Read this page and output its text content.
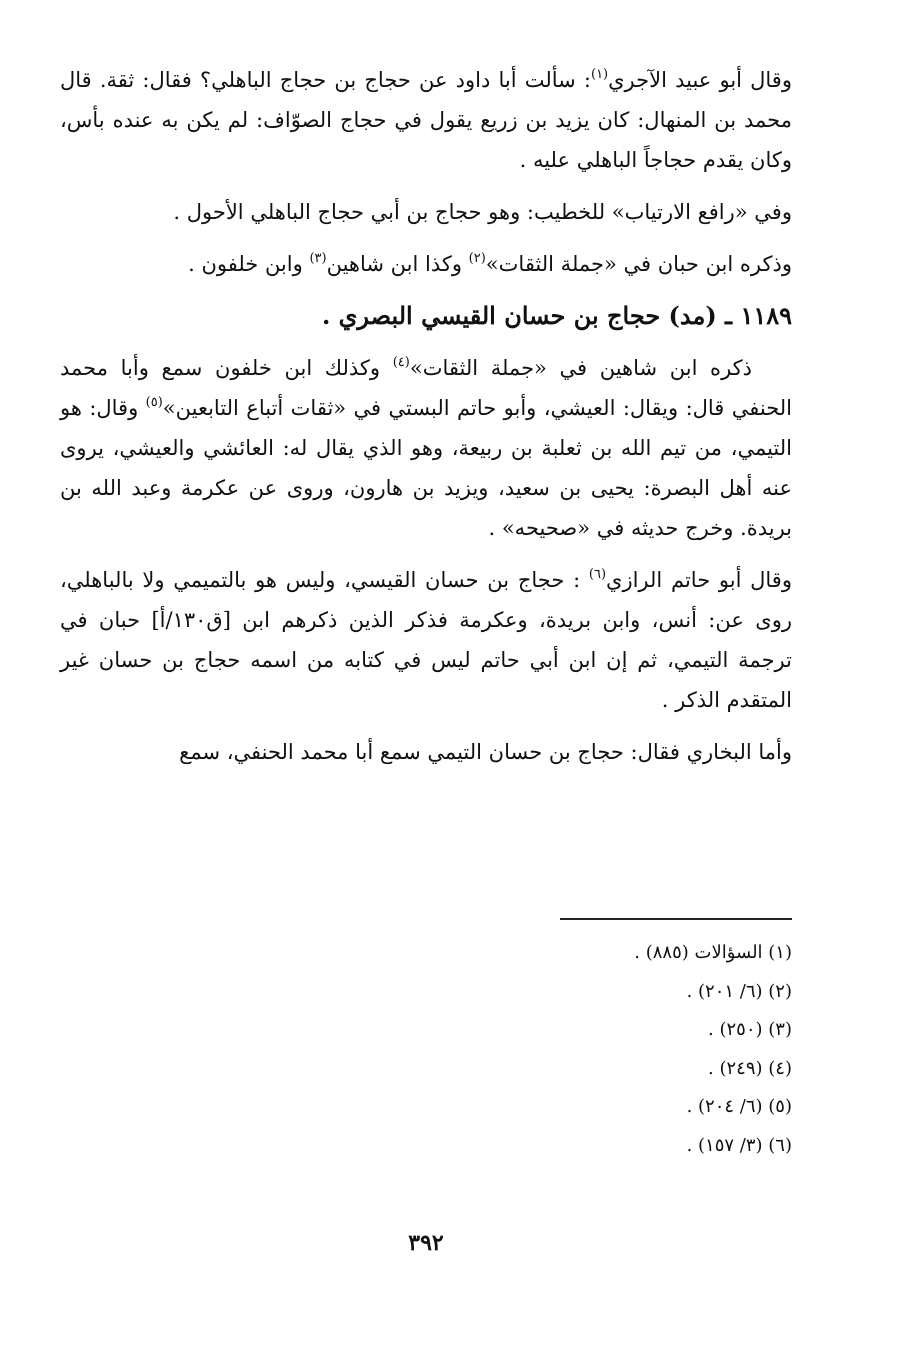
وقال أبو عبيد الآجري$^{(١)}$: سألت أبا داود عن حجاج بن حجاج الباهلي؟ فقال: ثقة. قال محمد بن المنهال: كان يزيد بن زريع يقول في حجاج الصوّاف: لم يكن به عنده بأس، وكان يقدم حجاجاً الباهلي عليه .

وفي «رافع الارتياب» للخطيب: وهو حجاج بن أبي حجاج الباهلي الأحول .

وذكره ابن حبان في «جملة الثقات»$^{(٢)}$ وكذا ابن شاهين$^{(٣)}$ وابن خلفون .

١١٨٩ ـ (مد) حجاج بن حسان القيسي البصري .

ذكره ابن شاهين في «جملة الثقات»$^{(٤)}$ وكذلك ابن خلفون سمع وأبا محمد الحنفي قال: ويقال: العيشي، وأبو حاتم البستي في «ثقات أتباع التابعين»$^{(٥)}$ وقال: هو التيمي، من تيم الله بن ثعلبة بن ربيعة، وهو الذي يقال له: العائشي والعيشي، يروى عنه أهل البصرة: يحيى بن سعيد، ويزيد بن هارون، وروى عن عكرمة وعبد الله بن بريدة. وخرج حديثه في «صحيحه» .

وقال أبو حاتم الرازي$^{(٦)}$ : حجاج بن حسان القيسي، وليس هو بالتميمي ولا بالباهلي، روى عن: أنس، وابن بريدة، وعكرمة فذكر الذين ذكرهم ابن [ق١٣٠/أ] حبان في ترجمة التيمي، ثم إن ابن أبي حاتم ليس في كتابه من اسمه حجاج بن حسان غير المتقدم الذكر .

وأما البخاري فقال: حجاج بن حسان التيمي سمع أبا محمد الحنفي، سمع

(١) السؤالات (٨٨٥) .
(٢) (٦/ ٢٠١) .
(٣) (٢٥٠) .
(٤) (٢٤٩) .
(٥) (٦/ ٢٠٤) .
(٦) (٣/ ١٥٧) .
٣٩٢
